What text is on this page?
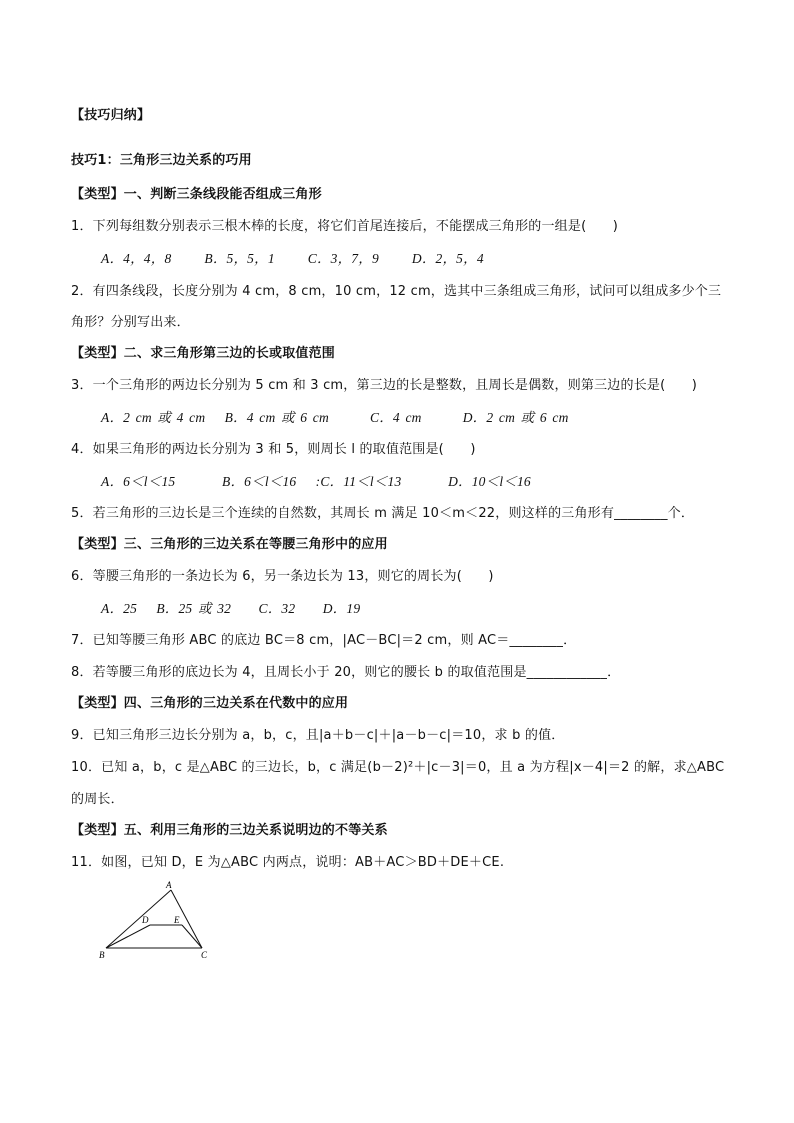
【技巧归纳】
技巧1：三角形三边关系的巧用
【类型】一、判断三条线段能否组成三角形
1．下列每组数分别表示三根木棒的长度，将它们首尾连接后，不能摆成三角形的一组是(　　)
A．4，4，8　　 B．5，5，1　　 C．3，7，9　　 D．2，5，4
2．有四条线段，长度分别为 4 cm，8 cm，10 cm，12 cm，选其中三条组成三角形，试问可以组成多少个三
角形？分别写出来．
【类型】二、求三角形第三边的长或取值范围
3．一个三角形的两边长分别为 5 cm 和 3 cm，第三边的长是整数，且周长是偶数，则第三边的长是(　　)
A．2 cm 或 4 cm　 B．4 cm 或 6 cm　　　C．4 cm　　　D．2 cm 或 6 cm
4．如果三角形的两边长分别为 3 和 5，则周长 l 的取值范围是(　　)
A．6＜l＜15　　　 B．6＜l＜16　 :C．11＜l＜13　　　 D．10＜l＜16
5．若三角形的三边长是三个连续的自然数，其周长 m 满足 10＜m＜22，则这样的三角形有________个．
【类型】三、三角形的三边关系在等腰三角形中的应用
6．等腰三角形的一条边长为 6，另一条边长为 13，则它的周长为(　　)
A．25　 B．25 或 32　　C．32　　D．19
7．已知等腰三角形 ABC 的底边 BC＝8 cm，|AC－BC|＝2 cm，则 AC＝________．
8．若等腰三角形的底边长为 4，且周长小于 20，则它的腰长 b 的取值范围是____________．
【类型】四、三角形的三边关系在代数中的应用
9．已知三角形三边长分别为 a，b，c，且|a＋b－c|＋|a－b－c|＝10，求 b 的值．
10．已知 a，b，c 是△ABC 的三边长，b，c 满足(b－2)²＋|c－3|＝0，且 a 为方程|x－4|＝2 的解，求△ABC
的周长．
【类型】五、利用三角形的三边关系说明边的不等关系
11．如图，已知 D，E 为△ABC 内两点，说明：AB＋AC＞BD＋DE＋CE.
A
B	C
D	E
